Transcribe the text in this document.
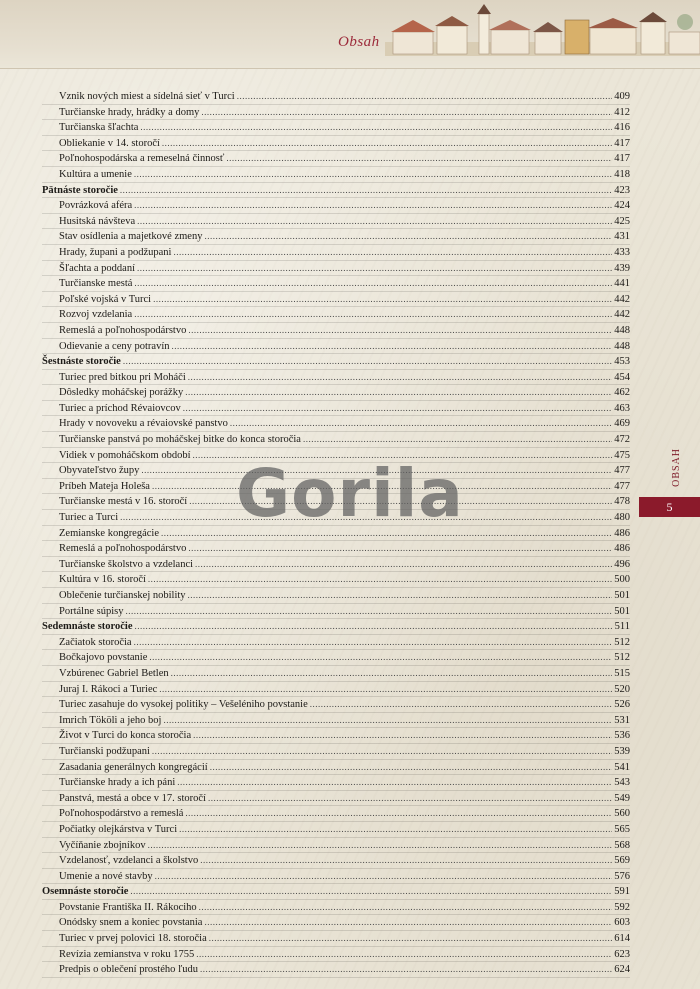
Obsah
Vznik nových miest a sídelná sieť v Turci .....	409
Turčianske hrady, hrádky a domy .....	412
Turčianska šľachta .....	416
Obliekanie v 14. storočí .....	417
Poľnohospodárska a remeselná činnosť .....	417
Kultúra a umenie .....	418
Pätnáste storočie .....	423
Povrázková aféra .....	424
Husitská návšteva .....	425
Stav osídlenia a majetkové zmeny .....	431
Hrady, župani a podžupani .....	433
Šľachta a poddaní .....	439
Turčianske mestá .....	441
Poľské vojská v Turci .....	442
Rozvoj vzdelania .....	442
Remeslá a poľnohospodárstvo .....	448
Odievanie a ceny potravín .....	448
Šestnáste storočie .....	453
Turiec pred bitkou pri Moháči .....	454
Dôsledky moháčskej porážky .....	462
Turiec a príchod Révaiovcov .....	463
Hrady v novoveku a révaiovské panstvo .....	469
Turčianske panstvá po moháčskej bitke do konca storočia .....	472
Vidiek v pomoháčskom období .....	475
Obyvateľstvo župy .....	477
Príbeh Mateja Holeša .....	477
Turčianske mestá v 16. storočí .....	478
Turiec a Turci .....	480
Zemianske kongregácie .....	486
Remeslá a poľnohospodárstvo .....	486
Turčianske školstvo a vzdelanci .....	496
Kultúra v 16. storočí .....	500
Oblečenie turčianskej nobility .....	501
Portálne súpisy .....	501
Sedemnáste storočie .....	511
Začiatok storočia .....	512
Bočkajovo povstanie .....	512
Vzbúrenec Gabriel Betlen .....	515
Juraj I. Rákoci a Turiec .....	520
Turiec zasahuje do vysokej politiky – Vešeléniho povstanie .....	526
Imrich Tököli a jeho boj .....	531
Život v Turci do konca storočia .....	536
Turčianski podžupani .....	539
Zasadania generálnych kongregácií .....	541
Turčianske hrady a ich páni .....	543
Panstvá, mestá a obce v 17. storočí .....	549
Poľnohospodárstvo a remeslá .....	560
Počiatky olejkárstva v Turci .....	565
Vyčíňanie zbojníkov .....	568
Vzdelanosť, vzdelanci a školstvo .....	569
Umenie a nové stavby .....	576
Osemnáste storočie .....	591
Povstanie Františka II. Rákociho .....	592
Onódsky snem a koniec povstania .....	603
Turiec v prvej polovici 18. storočia .....	614
Revízia zemianstva v roku 1755 .....	623
Predpis o oblečení prostého ľudu .....	624
OBSAH
5
Gorila
